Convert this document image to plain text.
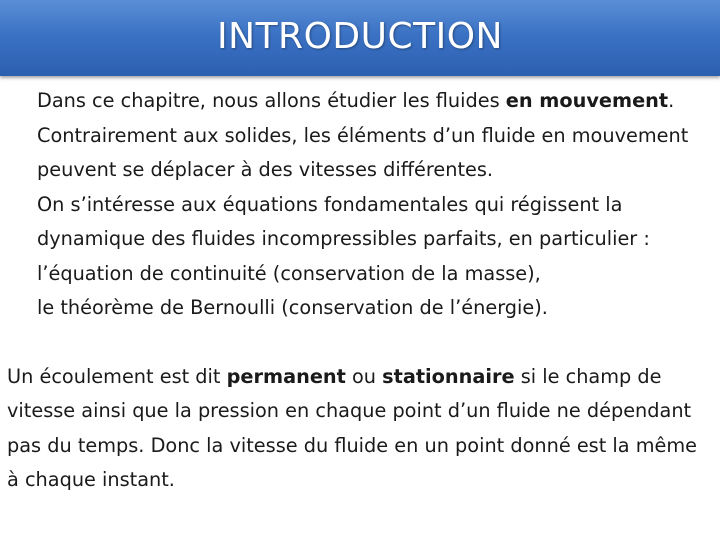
INTRODUCTION

Dans ce chapitre, nous allons étudier les fluides en mouvement. Contrairement aux solides, les éléments d’un fluide en mouvement peuvent se déplacer à des vitesses différentes.

On s’intéresse aux équations fondamentales qui régissent la dynamique des fluides incompressibles parfaits, en particulier :

l’équation de continuité (conservation de la masse),

le théorème de Bernoulli (conservation de l’énergie).

Un écoulement est dit permanent ou stationnaire si le champ de vitesse ainsi que la pression en chaque point d’un fluide ne dépendant pas du temps. Donc la vitesse du fluide en un point donné est la même à chaque instant.
